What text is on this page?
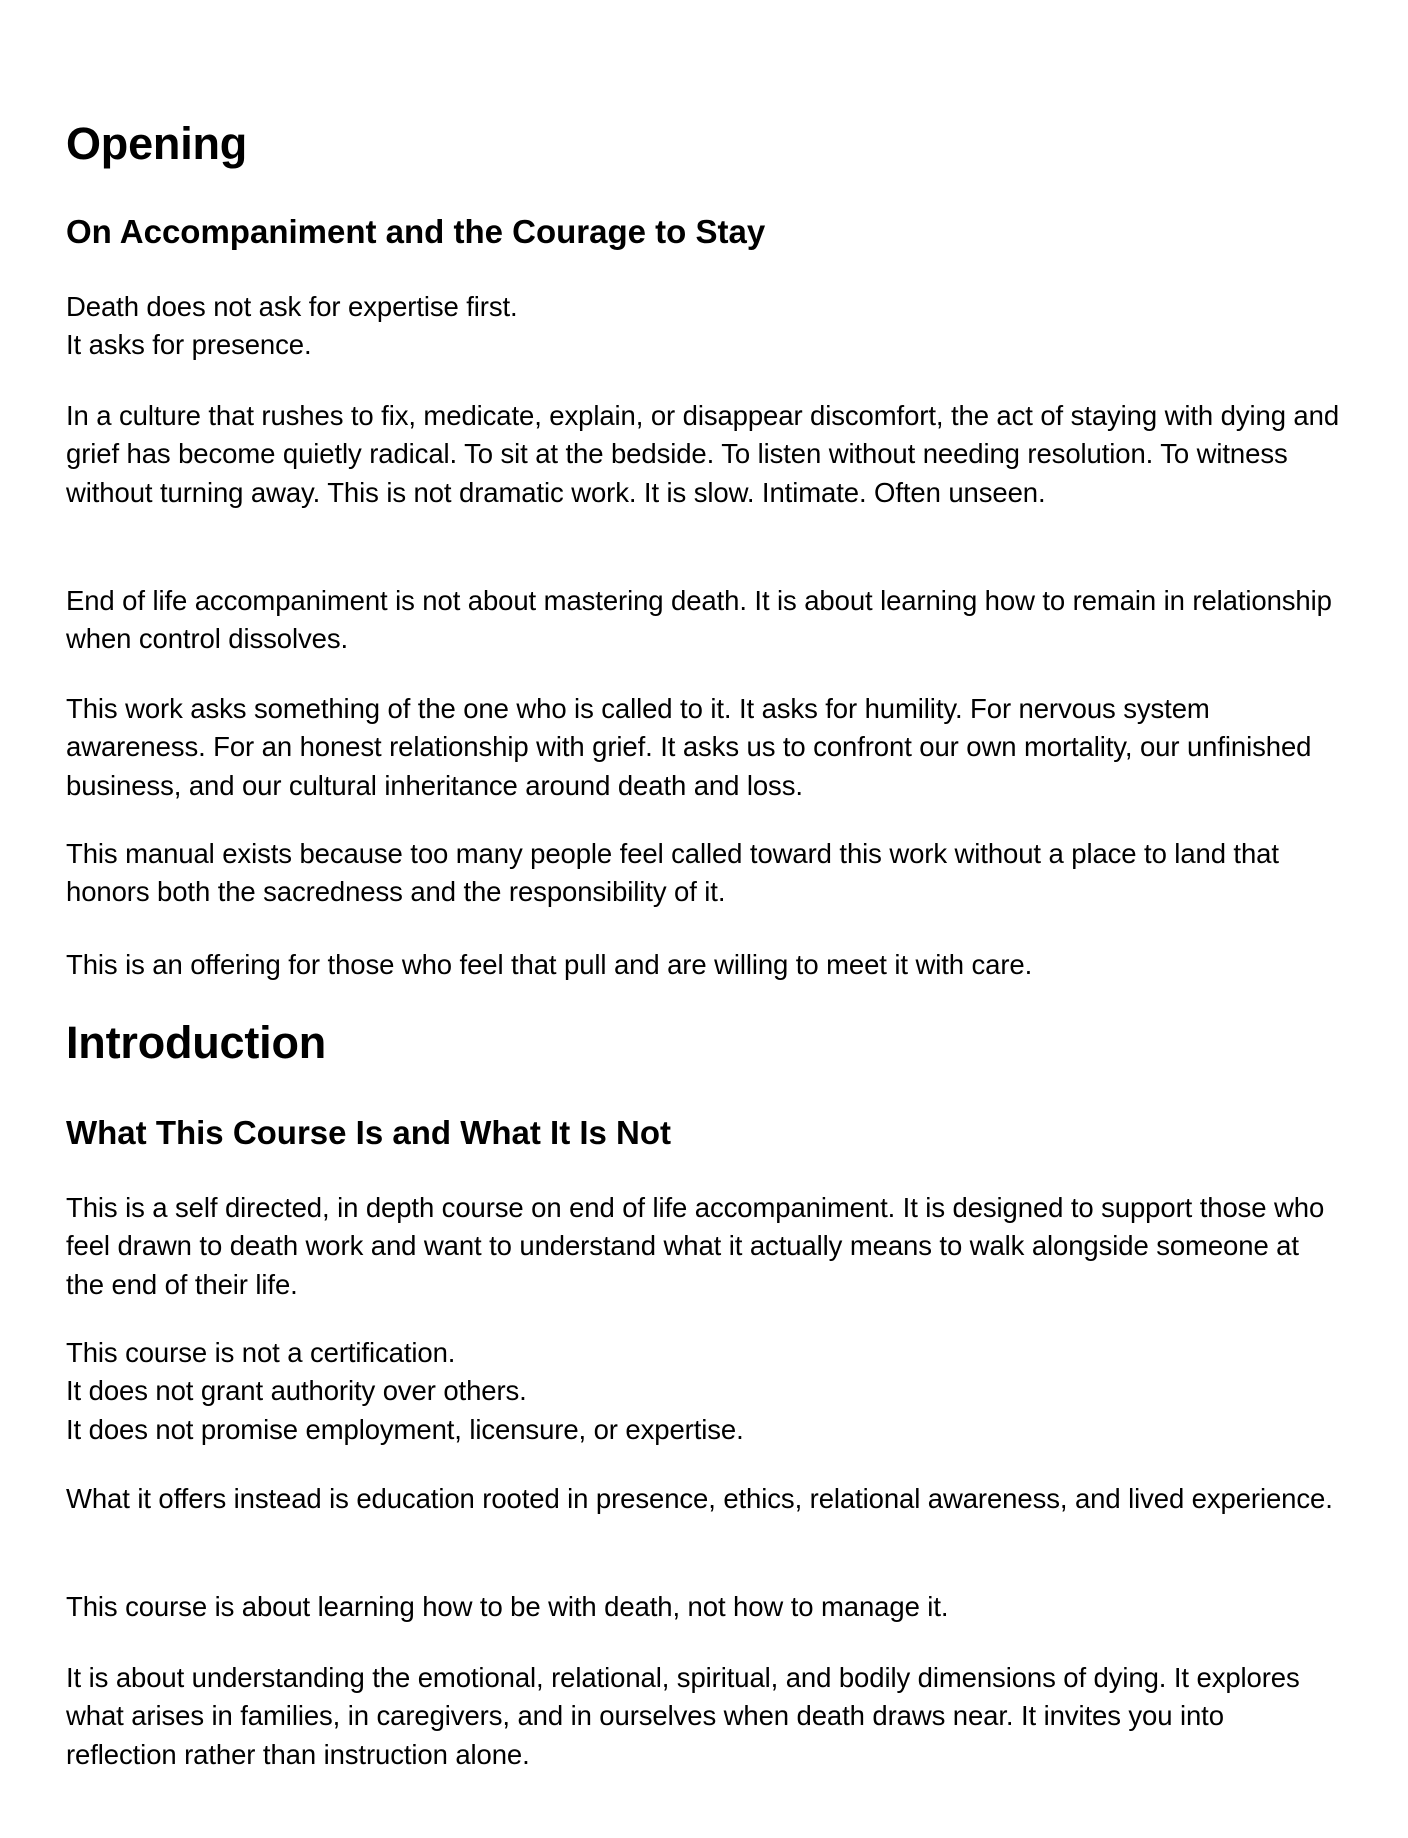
Opening
On Accompaniment and the Courage to Stay

Death does not ask for expertise first.
It asks for presence.

In a culture that rushes to fix, medicate, explain, or disappear discomfort, the act of staying with dying and grief has become quietly radical. To sit at the bedside. To listen without needing resolution. To witness without turning away. This is not dramatic work. It is slow. Intimate. Often unseen.

End of life accompaniment is not about mastering death. It is about learning how to remain in relationship when control dissolves.

This work asks something of the one who is called to it. It asks for humility. For nervous system awareness. For an honest relationship with grief. It asks us to confront our own mortality, our unfinished business, and our cultural inheritance around death and loss.

This manual exists because too many people feel called toward this work without a place to land that honors both the sacredness and the responsibility of it.

This is an offering for those who feel that pull and are willing to meet it with care.

Introduction
What This Course Is and What It Is Not

This is a self directed, in depth course on end of life accompaniment. It is designed to support those who feel drawn to death work and want to understand what it actually means to walk alongside someone at the end of their life.

This course is not a certification.
It does not grant authority over others.
It does not promise employment, licensure, or expertise.

What it offers instead is education rooted in presence, ethics, relational awareness, and lived experience.

This course is about learning how to be with death, not how to manage it.

It is about understanding the emotional, relational, spiritual, and bodily dimensions of dying. It explores what arises in families, in caregivers, and in ourselves when death draws near. It invites you into reflection rather than instruction alone.
